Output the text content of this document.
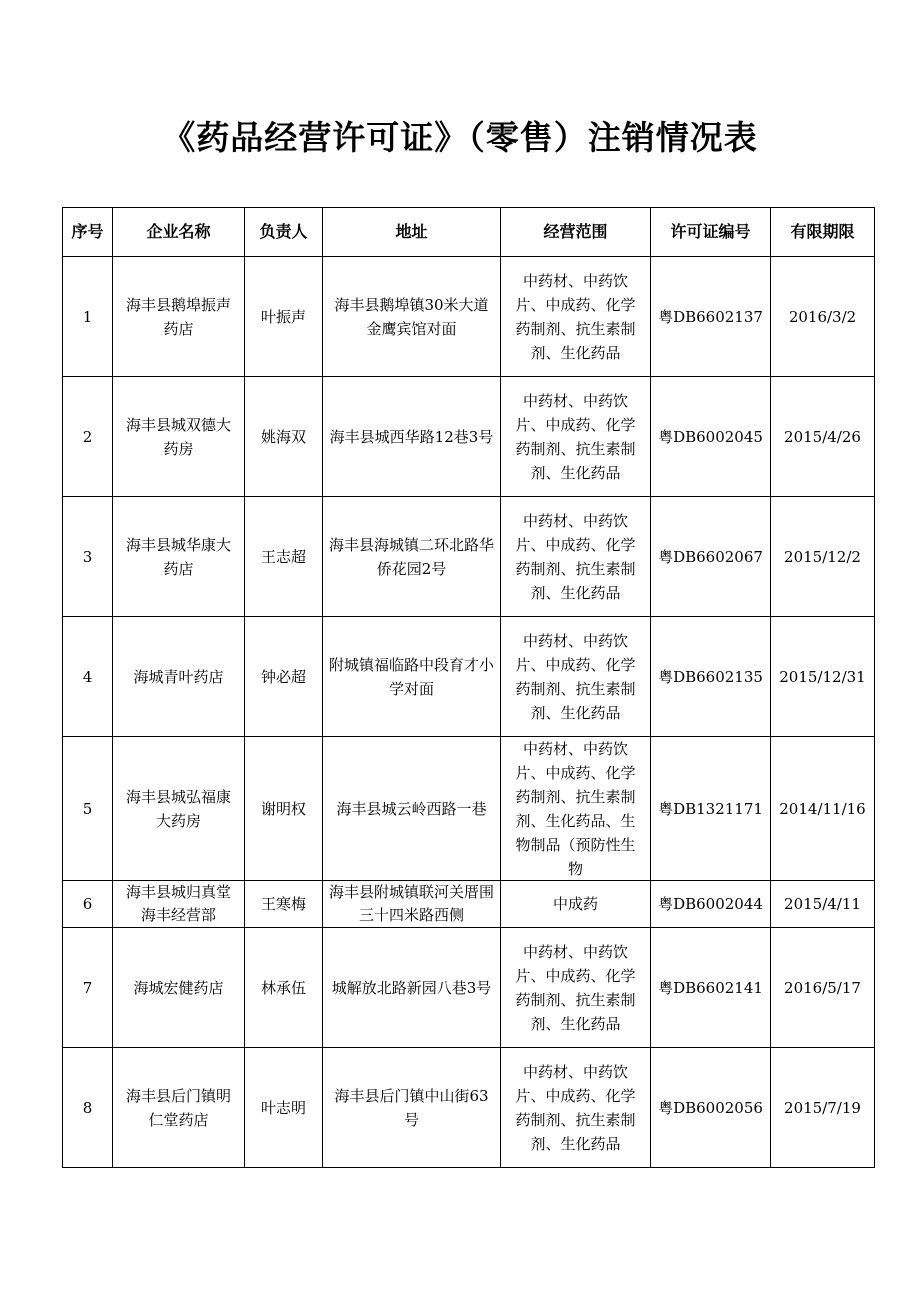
《药品经营许可证》（零售）注销情况表
序号	企业名称	负责人	地址	经营范围	许可证编号	有限期限
1	海丰县鹅埠振声药店	叶振声	海丰县鹅埠镇30米大道金鹰宾馆对面	中药材、中药饮片、中成药、化学药制剂、抗生素制剂、生化药品	粤DB6602137	2016/3/2
2	海丰县城双德大药房	姚海双	海丰县城西华路12巷3号	中药材、中药饮片、中成药、化学药制剂、抗生素制剂、生化药品	粤DB6002045	2015/4/26
3	海丰县城华康大药店	王志超	海丰县海城镇二环北路华侨花园2号	中药材、中药饮片、中成药、化学药制剂、抗生素制剂、生化药品	粤DB6602067	2015/12/2
4	海城青叶药店	钟必超	附城镇福临路中段育才小学对面	中药材、中药饮片、中成药、化学药制剂、抗生素制剂、生化药品	粤DB6602135	2015/12/31
5	海丰县城弘福康大药房	谢明权	海丰县城云岭西路一巷	中药材、中药饮片、中成药、化学药制剂、抗生素制剂、生化药品、生物制品（预防性生物	粤DB1321171	2014/11/16
6	海丰县城归真堂海丰经营部	王寒梅	海丰县附城镇联河关厝围三十四米路西侧	中成药	粤DB6002044	2015/4/11
7	海城宏健药店	林承伍	城解放北路新园八巷3号	中药材、中药饮片、中成药、化学药制剂、抗生素制剂、生化药品	粤DB6602141	2016/5/17
8	海丰县后门镇明仁堂药店	叶志明	海丰县后门镇中山街63号	中药材、中药饮片、中成药、化学药制剂、抗生素制剂、生化药品	粤DB6002056	2015/7/19
